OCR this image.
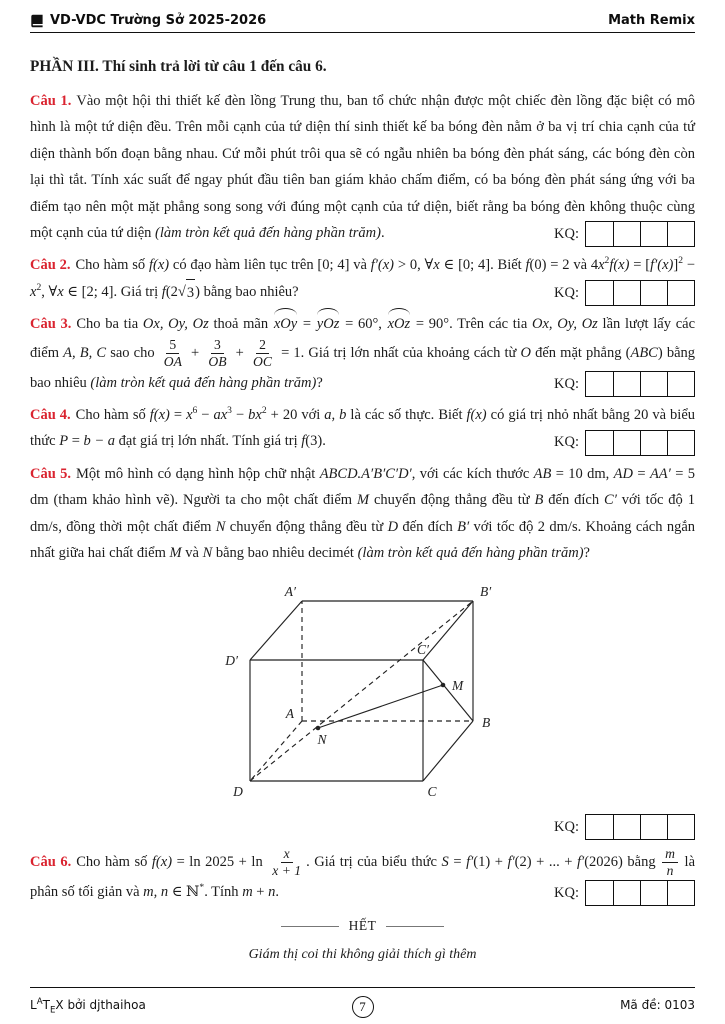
VD-VDC Trường Sở 2025-2026	Math Remix
PHẦN III. Thí sinh trả lời từ câu 1 đến câu 6.

Câu 1. Vào một hội thi thiết kế đèn lồng Trung thu, ban tổ chức nhận được một chiếc đèn lồng đặc biệt có mô hình là một tứ diện đều. Trên mỗi cạnh của tứ diện thí sinh thiết kế ba bóng đèn nằm ở ba vị trí chia cạnh của tứ diện thành bốn đoạn bằng nhau. Cứ mỗi phút trôi qua sẽ có ngẫu nhiên ba bóng đèn phát sáng, các bóng đèn còn lại thì tắt. Tính xác suất để ngay phút đầu tiên ban giám khảo chấm điểm, có ba bóng đèn phát sáng ứng với ba điểm tạo nên một mặt phẳng song song với đúng một cạnh của tứ diện, biết rằng ba bóng đèn không thuộc cùng một cạnh của tứ diện (làm tròn kết quả đến hàng phần trăm).	KQ:

Câu 2. Cho hàm số f(x) có đạo hàm liên tục trên [0; 4] và f′(x) > 0, ∀x ∈ [0; 4]. Biết f(0) = 2 và $4x^2f(x) = [f'(x)]^2 - x^2$, ∀x ∈ [2; 4]. Giá trị f(2 √ 3 ) bằng bao nhiêu?	KQ:

Câu 3. Cho ba tia Ox, Oy, Oz thoả mãn xOy = yOz = 60°, xOz = 90°. Trên các tia Ox, Oy, Oz lần lượt lấy các điểm A, B, C sao cho $\frac{5}{OA} + \frac{3}{OB} + \frac{2}{OC} = 1$. Giá trị lớn nhất của khoảng cách từ O đến mặt phẳng (ABC) bằng bao nhiêu (làm tròn kết quả đến hàng phần trăm)?	KQ:

Câu 4. Cho hàm số $f(x) = x^6 - ax^3 - bx^2 + 20$ với a, b là các số thực. Biết f(x) có giá trị nhỏ nhất bằng 20 và biểu thức P = b − a đạt giá trị lớn nhất. Tính giá trị f(3).	KQ:

Câu 5. Một mô hình có dạng hình hộp chữ nhật ABCD.A′B′C′D′, với các kích thước AB = 10 dm, AD = AA′ = 5 dm (tham khảo hình vẽ). Người ta cho một chất điểm M chuyển động thẳng đều từ B đến đích C′ với tốc độ 1 dm/s, đồng thời một chất điểm N chuyển động thẳng đều từ D đến đích B′ với tốc độ 2 dm/s. Khoảng cách ngắn nhất giữa hai chất điểm M và N bằng bao nhiêu decimét (làm tròn kết quả đến hàng phần trăm)?

A′	B′
D′
C′
A
B
D	C
M
N
KQ:

Câu 6. Cho hàm số $f(x) = \ln 2025 + \ln \frac{x}{x + 1}$ . Giá trị của biểu thức S = f′(1) + f′(2) + ... + f′(2026) bằng $\frac{m}{n}$ là phân số tối giản và m, n ∈ ℕ*. Tính m + n.	KQ:

HẾT
Giám thị coi thi không giải thích gì thêm
$L^AT_EX$ bởi djthaihoa	7	Mã đề: 0103
